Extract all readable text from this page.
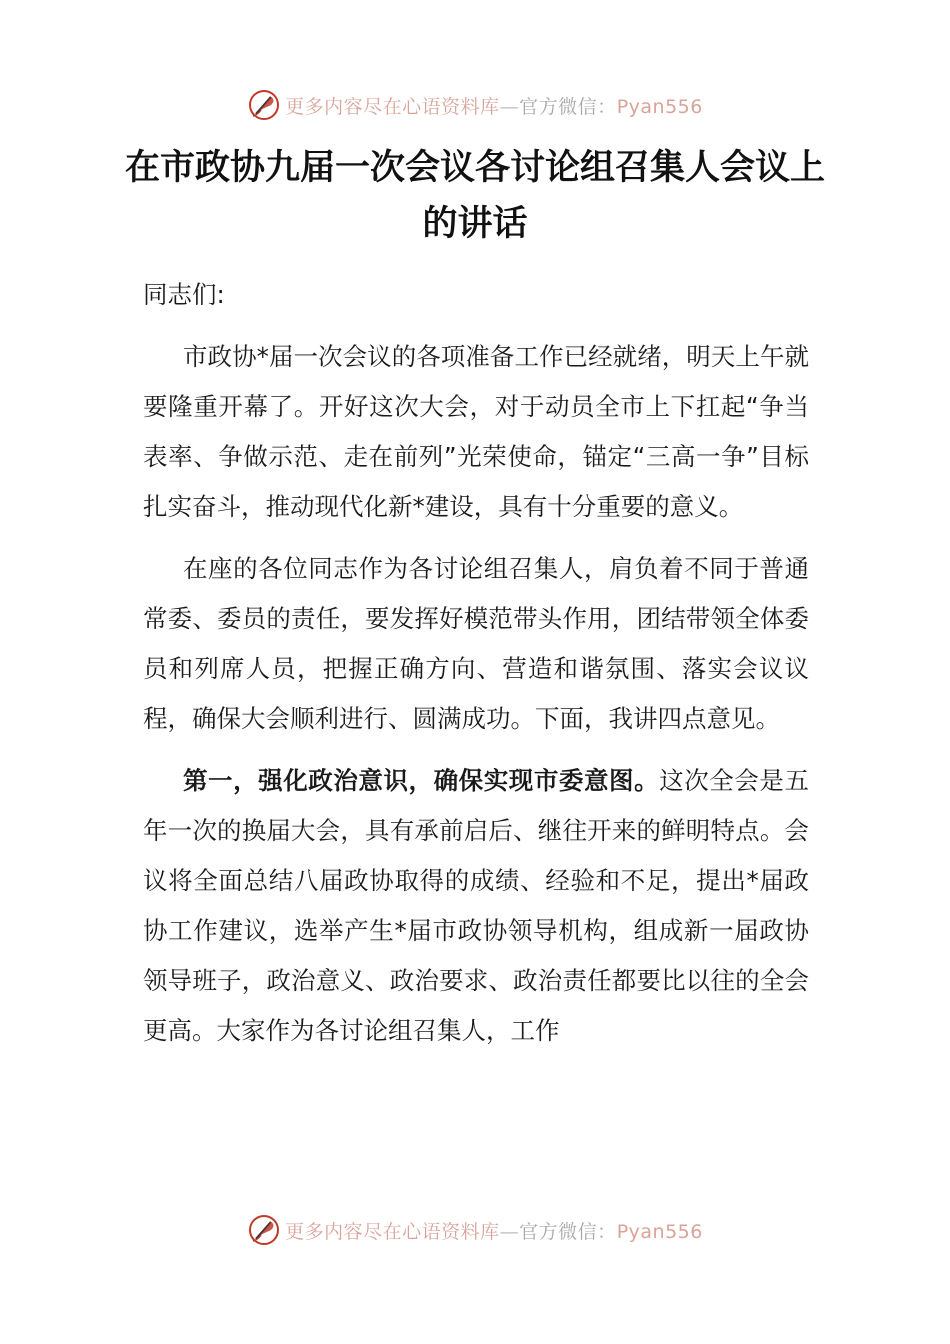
更多内容尽在心语资料库—官方微信：Pyan556
在市政协九届一次会议各讨论组召集人会议上的讲话

同志们:

市政协*届一次会议的各项准备工作已经就绪，明天上午就要隆重开幕了。开好这次大会，对于动员全市上下扛起“争当表率、争做示范、走在前列”光荣使命，锚定“三高一争”目标扎实奋斗，推动现代化新*建设，具有十分重要的意义。

在座的各位同志作为各讨论组召集人，肩负着不同于普通常委、委员的责任，要发挥好模范带头作用，团结带领全体委员和列席人员，把握正确方向、营造和谐氛围、落实会议议程，确保大会顺利进行、圆满成功。下面，我讲四点意见。

第一，强化政治意识，确保实现市委意图。这次全会是五年一次的换届大会，具有承前启后、继往开来的鲜明特点。会议将全面总结八届政协取得的成绩、经验和不足，提出*届政协工作建议，选举产生*届市政协领导机构，组成新一届政协领导班子，政治意义、政治要求、政治责任都要比以往的全会更高。大家作为各讨论组召集人，工作

更多内容尽在心语资料库—官方微信：Pyan556
